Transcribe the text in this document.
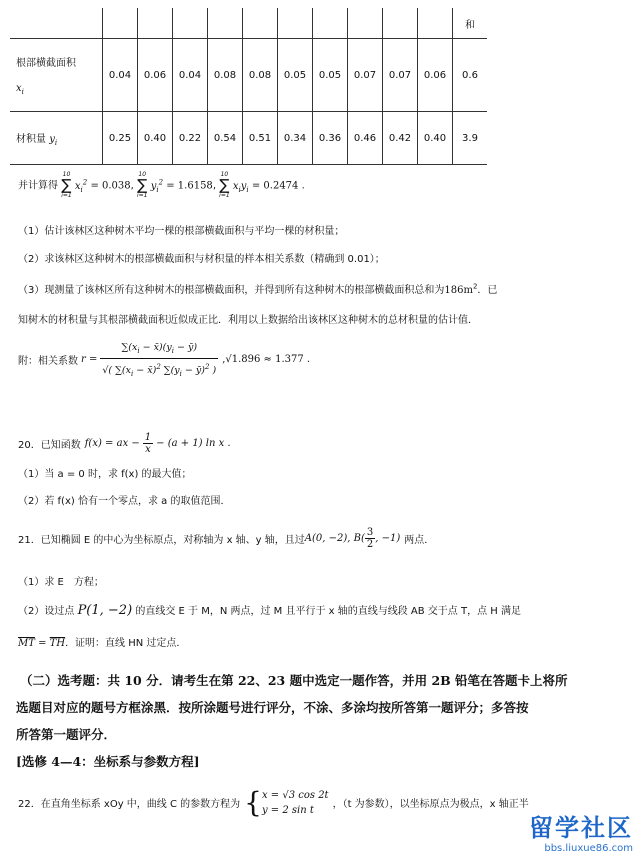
											和

根部横截面积
$x_i$	0.04	0.06	0.04	0.08	0.08	0.05	0.05	0.07	0.07	0.06	0.6
材积量 $y_i$	0.25	0.40	0.22	0.54	0.51	0.34	0.36	0.46	0.42	0.40	3.9
并计算得
10
∑
i=1
$x_i^2 = 0.038$,
10
∑
i=1
$y_i^2 = 1.6158$,
10
∑
i=1
$x_iy_i = 0.2474$ .
（1）估计该林区这种树木平均一棵的根部横截面积与平均一棵的材积量；
（2）求该林区这种树木的根部横截面积与材积量的样本相关系数（精确到 0.01）；
（3）现测量了该林区所有这种树木的根部横截面积，并得到所有这种树木的根部横截面积总和为$186m^2$．已
知树木的材积量与其根部横截面积近似成正比．利用以上数据给出该林区这种树木的总材积量的估计值．
附：相关系数 $r = \frac{\sum(x_i - x̄)(y_i - ȳ)}{√( \sum(x_i - x̄)^2 \sum(y_i - ȳ)^2 )}$ , √1.896 ≈ 1.377 .
20．已知函数 f(x) = ax − $\frac{1}{x} - (a + 1)$ ln x .
（1）当 a = 0 时，求 f(x) 的最大值；
（2）若 f(x) 恰有一个零点，求 a 的取值范围．
21．已知椭圆 E 的中心为坐标原点，对称轴为 x 轴、y 轴，且过 A(0, −2) , $B( \frac{3}{2}$ , −1) 两点．
（1）求 E　方程；
（2）设过点 P(1, −2) 的直线交 E 于 M，N 两点，过 M 且平行于 x 轴的直线与线段 AB 交于点 T，点 H 满足
$\overline{MT} = \overline{TH}$．证明：直线 HN 过定点．
（二）选考题：共 10 分．请考生在第 22、23 题中选定一题作答，并用 2B 铅笔在答题卡上将所
选题目对应的题号方框涂黑．按所涂题号进行评分，不涂、多涂均按所答第一题评分；多答按
所答第一题评分．
[选修 4—4：坐标系与参数方程]
22．在直角坐标系 xOy 中，曲线 C 的参数方程为 { x = √3 cos 2t
y = 2 sin t	，（t 为参数），以坐标原点为极点，x 轴正半
留学社区
bbs.liuxue86.com
